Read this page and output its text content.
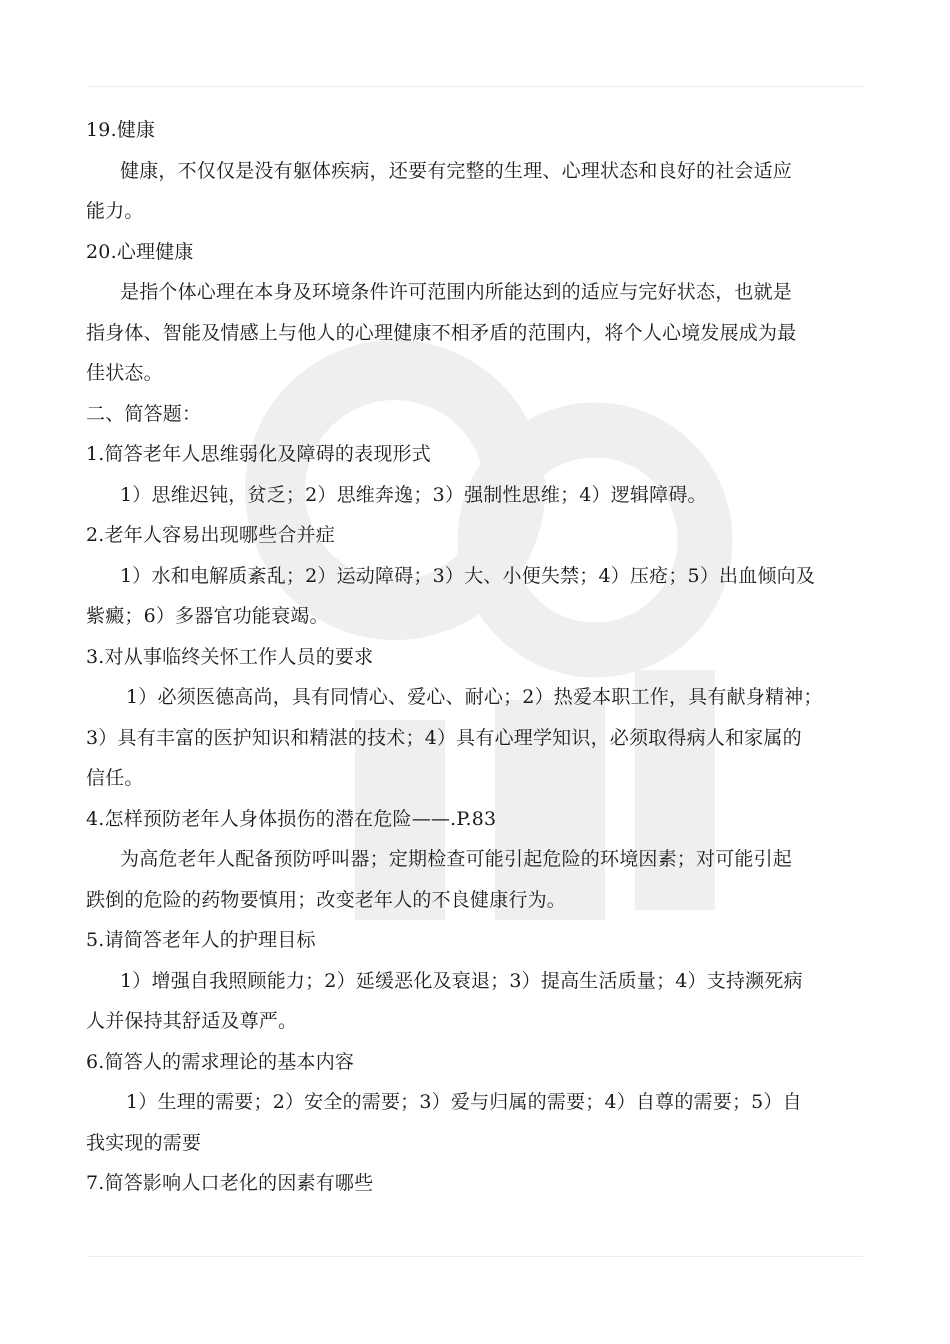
19.健康
健康，不仅仅是没有躯体疾病，还要有完整的生理、心理状态和良好的社会适应
能力。
20.心理健康
是指个体心理在本身及环境条件许可范围内所能达到的适应与完好状态，也就是
指身体、智能及情感上与他人的心理健康不相矛盾的范围内，将个人心境发展成为最
佳状态。
二、简答题：
1.简答老年人思维弱化及障碍的表现形式
1）思维迟钝，贫乏；2）思维奔逸；3）强制性思维；4）逻辑障碍。
2.老年人容易出现哪些合并症
1）水和电解质紊乱；2）运动障碍；3）大、小便失禁；4）压疮；5）出血倾向及
紫癜；6）多器官功能衰竭。
3.对从事临终关怀工作人员的要求
1）必须医德高尚，具有同情心、爱心、耐心；2）热爱本职工作，具有献身精神；
3）具有丰富的医护知识和精湛的技术；4）具有心理学知识，必须取得病人和家属的
信任。
4.怎样预防老年人身体损伤的潜在危险——.P.83
为高危老年人配备预防呼叫器；定期检查可能引起危险的环境因素；对可能引起
跌倒的危险的药物要慎用；改变老年人的不良健康行为。
5.请简答老年人的护理目标
1）增强自我照顾能力；2）延缓恶化及衰退；3）提高生活质量；4）支持濒死病
人并保持其舒适及尊严。
6.简答人的需求理论的基本内容
1）生理的需要；2）安全的需要；3）爱与归属的需要；4）自尊的需要；5）自
我实现的需要
7.简答影响人口老化的因素有哪些
